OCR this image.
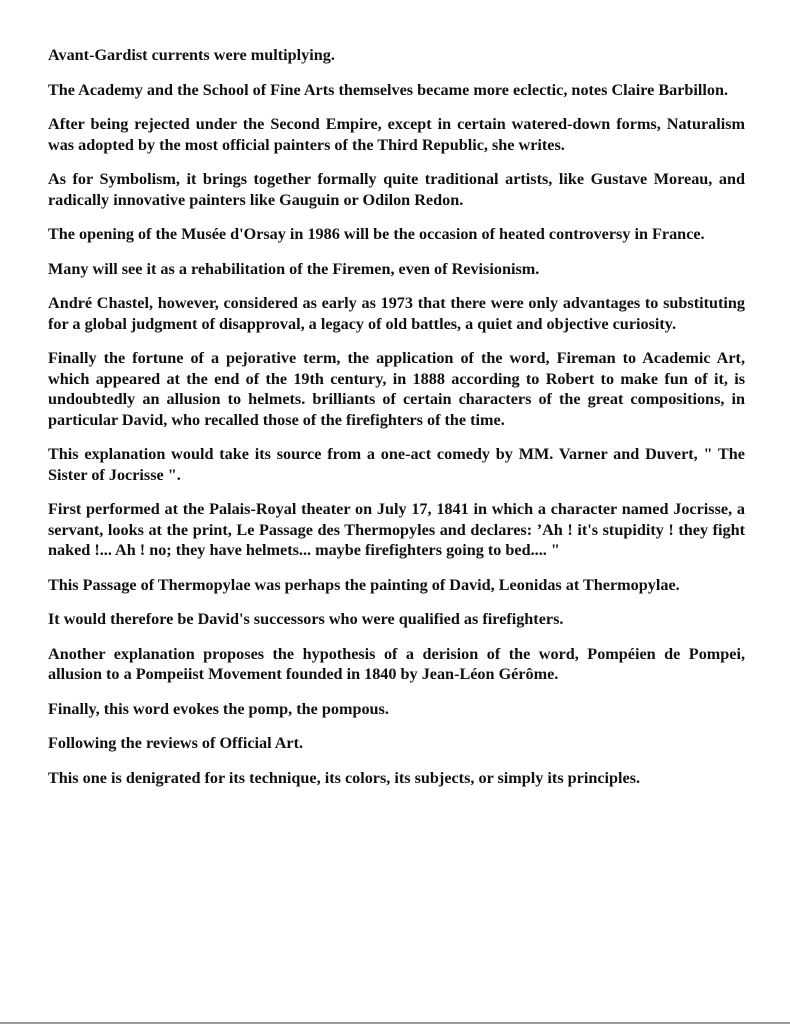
Avant-Gardist currents were multiplying.

The Academy and the School of Fine Arts themselves became more eclectic, notes Claire Barbillon.

After being rejected under the Second Empire, except in certain watered-down forms, Naturalism was adopted by the most official painters of the Third Republic, she writes.

As for Symbolism, it brings together formally quite traditional artists, like Gustave Moreau, and radically innovative painters like Gauguin or Odilon Redon.

The opening of the Musée d'Orsay in 1986 will be the occasion of heated controversy in France.

Many will see it as a rehabilitation of the Firemen, even of Revisionism.

André Chastel, however, considered as early as 1973 that there were only advantages to substituting for a global judgment of disapproval, a legacy of old battles, a quiet and objective curiosity.

Finally the fortune of a pejorative term, the application of the word, Fireman to Academic Art, which appeared at the end of the 19th century, in 1888 according to Robert to make fun of it, is undoubtedly an allusion to helmets. brilliants of certain characters of the great compositions, in particular David, who recalled those of the firefighters of the time.

This explanation would take its source from a one-act comedy by MM. Varner and Duvert, " The Sister of Jocrisse ".

First performed at the Palais-Royal theater on July 17, 1841 in which a character named Jocrisse, a servant, looks at the print, Le Passage des Thermopyles and declares: ’Ah ! it's stupidity ! they fight naked !... Ah ! no; they have helmets... maybe firefighters going to bed.... "

This Passage of Thermopylae was perhaps the painting of David, Leonidas at Thermopylae.

It would therefore be David's successors who were qualified as firefighters.

Another explanation proposes the hypothesis of a derision of the word, Pompéien de Pompei, allusion to a Pompeiist Movement founded in 1840 by Jean-Léon Gérôme.

Finally, this word evokes the pomp, the pompous.

Following the reviews of Official Art.

This one is denigrated for its technique, its colors, its subjects, or simply its principles.
